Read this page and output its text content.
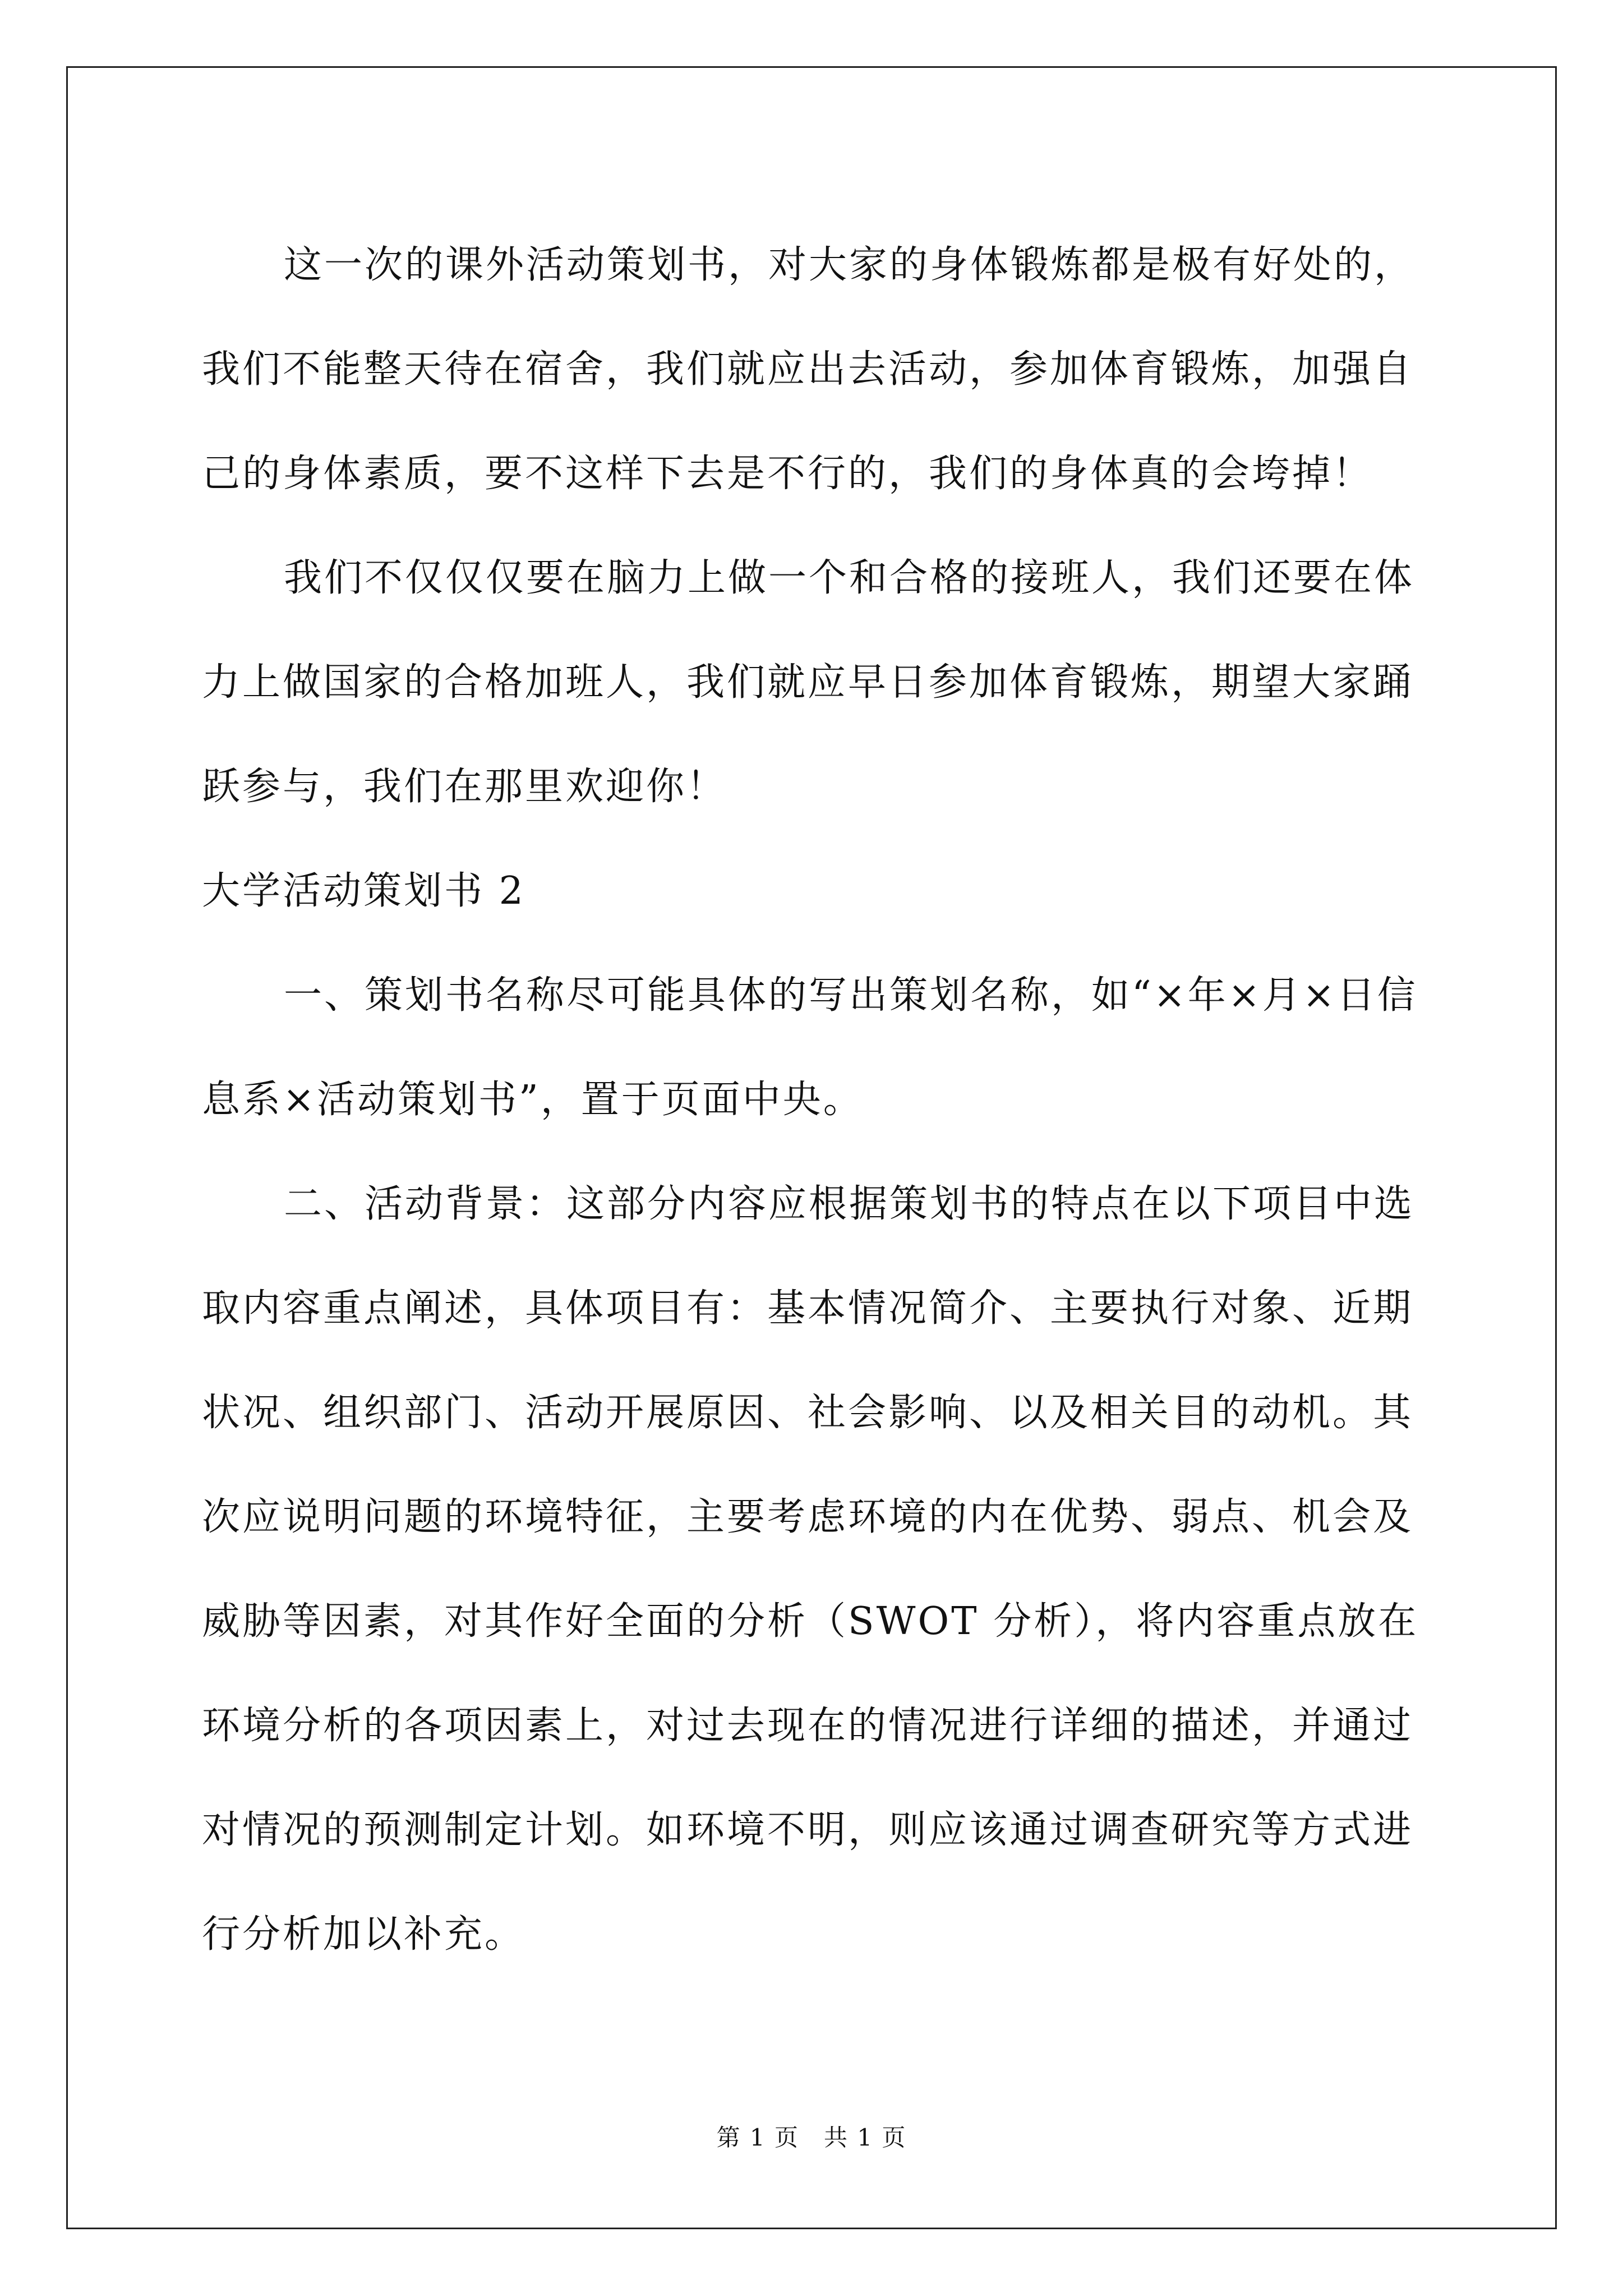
这一次的课外活动策划书，对大家的身体锻炼都是极有好处的，我们不能整天待在宿舍，我们就应出去活动，参加体育锻炼，加强自己的身体素质，要不这样下去是不行的，我们的身体真的会垮掉！

我们不仅仅仅要在脑力上做一个和合格的接班人，我们还要在体力上做国家的合格加班人，我们就应早日参加体育锻炼，期望大家踊跃参与，我们在那里欢迎你！

大学活动策划书 2

一、策划书名称尽可能具体的写出策划名称，如“×年×月×日信息系×活动策划书”，置于页面中央。

二、活动背景：这部分内容应根据策划书的特点在以下项目中选取内容重点阐述，具体项目有：基本情况简介、主要执行对象、近期状况、组织部门、活动开展原因、社会影响、以及相关目的动机。其次应说明问题的环境特征，主要考虑环境的内在优势、弱点、机会及威胁等因素，对其作好全面的分析（SWOT 分析），将内容重点放在环境分析的各项因素上，对过去现在的情况进行详细的描述，并通过对情况的预测制定计划。如环境不明，则应该通过调查研究等方式进行分析加以补充。

第 1 页　共 1 页
